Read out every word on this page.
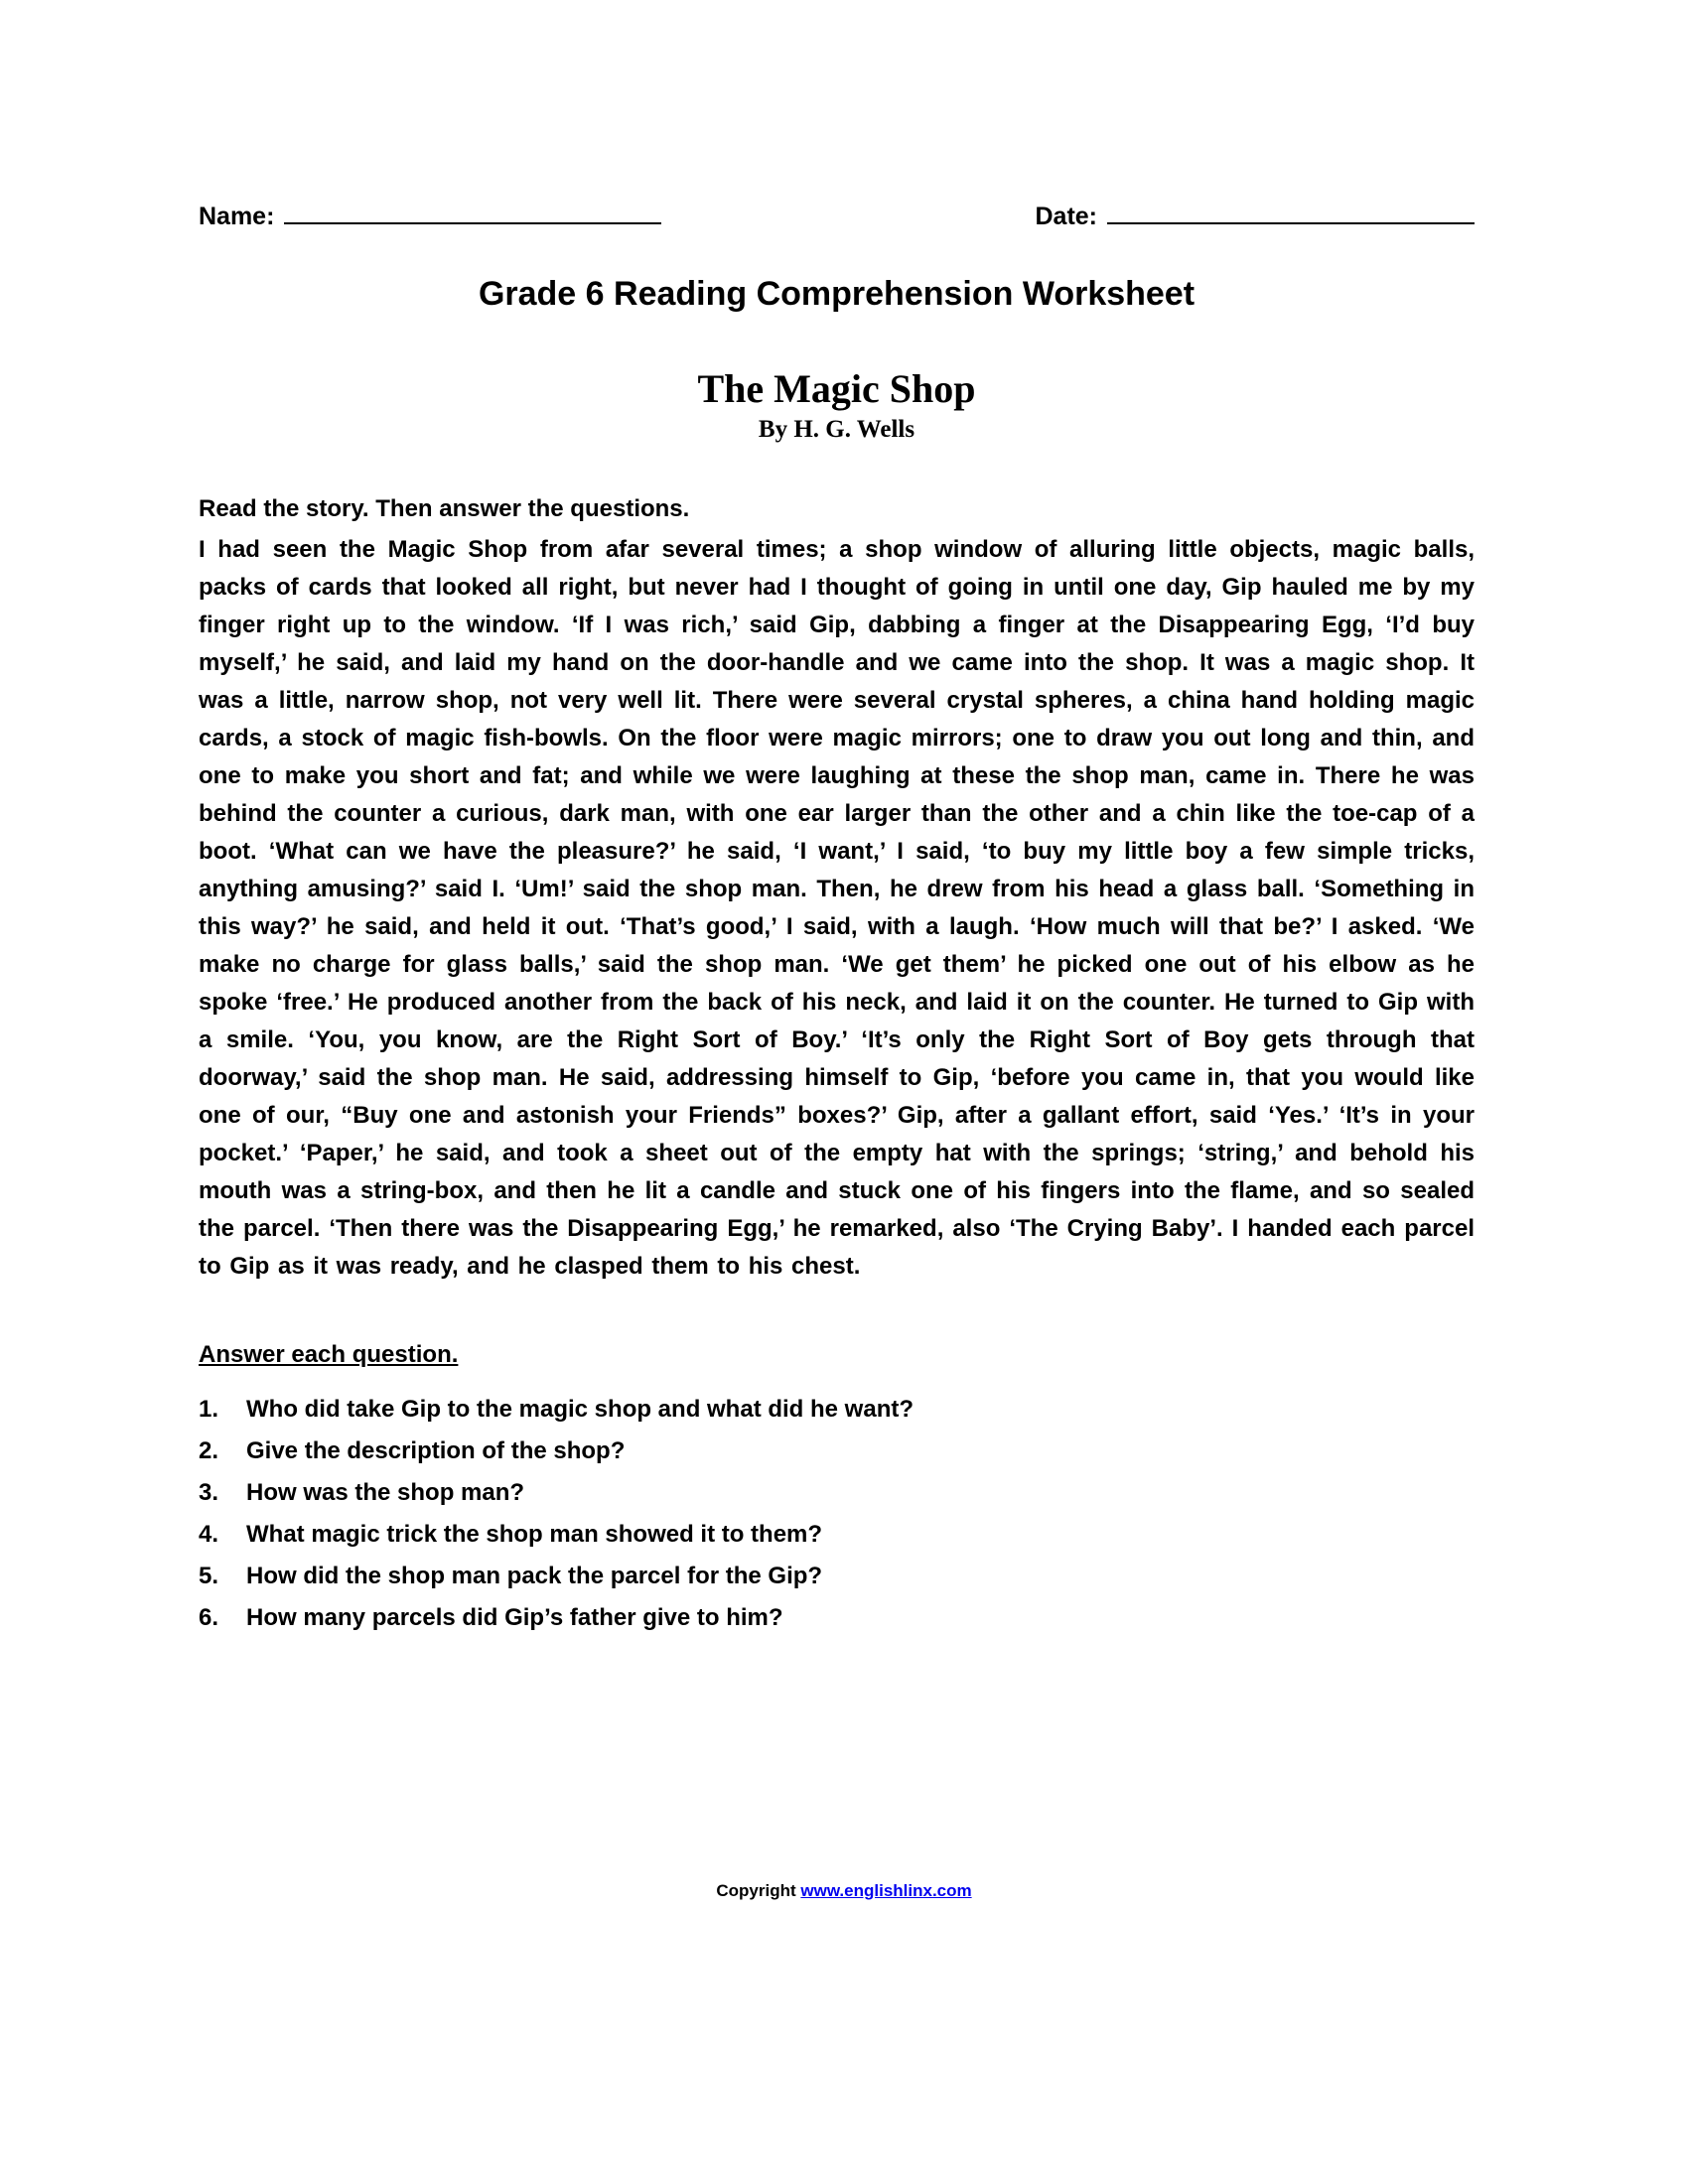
Name:	Date:
Grade 6 Reading Comprehension Worksheet
The Magic Shop
By H. G. Wells
Read the story. Then answer the questions.
I had seen the Magic Shop from afar several times; a shop window of alluring little objects, magic balls, packs of cards that looked all right, but never had I thought of going in until one day, Gip hauled me by my finger right up to the window. ‘If I was rich,’ said Gip, dabbing a finger at the Disappearing Egg, ‘I’d buy myself,’ he said, and laid my hand on the door-handle and we came into the shop. It was a magic shop. It was a little, narrow shop, not very well lit. There were several crystal spheres, a china hand holding magic cards, a stock of magic fish-bowls. On the floor were magic mirrors; one to draw you out long and thin, and one to make you short and fat; and while we were laughing at these the shop man, came in. There he was behind the counter a curious, dark man, with one ear larger than the other and a chin like the toe-cap of a boot. ‘What can we have the pleasure?’ he said, ‘I want,’ I said, ‘to buy my little boy a few simple tricks, anything amusing?’ said I. ‘Um!’ said the shop man. Then, he drew from his head a glass ball. ‘Something in this way?’ he said, and held it out. ‘That’s good,’ I said, with a laugh. ‘How much will that be?’ I asked. ‘We make no charge for glass balls,’ said the shop man. ‘We get them’ he picked one out of his elbow as he spoke ‘free.’ He produced another from the back of his neck, and laid it on the counter. He turned to Gip with a smile. ‘You, you know, are the Right Sort of Boy.’ ‘It’s only the Right Sort of Boy gets through that doorway,’ said the shop man. He said, addressing himself to Gip, ‘before you came in, that you would like one of our, “Buy one and astonish your Friends” boxes?’ Gip, after a gallant effort, said ‘Yes.’ ‘It’s in your pocket.’ ‘Paper,’ he said, and took a sheet out of the empty hat with the springs; ‘string,’ and behold his mouth was a string-box, and then he lit a candle and stuck one of his fingers into the flame, and so sealed the parcel. ‘Then there was the Disappearing Egg,’ he remarked, also ‘The Crying Baby’. I handed each parcel to Gip as it was ready, and he clasped them to his chest.
Answer each question.
1.	Who did take Gip to the magic shop and what did he want?
2.	Give the description of the shop?
3.	How was the shop man?
4.	What magic trick the shop man showed it to them?
5.	How did the shop man pack the parcel for the Gip?
6.	How many parcels did Gip’s father give to him?
Copyright www.englishlinx.com
